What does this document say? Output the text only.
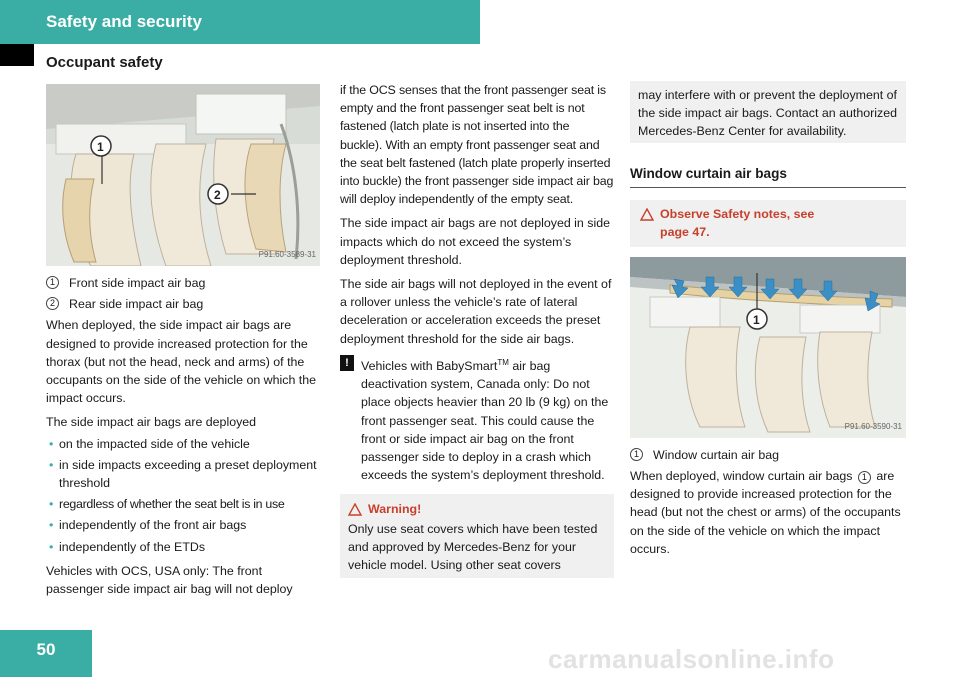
Safety and security
Occupant safety
1
2
P91.60-3589-31
1	Front side impact air bag
2	Rear side impact air bag

When deployed, the side impact air bags are designed to provide increased protection for the thorax (but not the head, neck and arms) of the occupants on the side of the vehicle on which the impact occurs.

The side impact air bags are deployed

• on the impacted side of the vehicle
• in side impacts exceeding a preset deployment threshold
• regardless of whether the seat belt is in use
• independently of the front air bags
• independently of the ETDs

Vehicles with OCS, USA only: The front passenger side impact air bag will not deploy

if the OCS senses that the front passenger seat is empty and the front passenger seat belt is not fastened (latch plate is not inserted into the buckle). With an empty front passenger seat and the seat belt fastened (latch plate properly inserted into buckle) the front passenger side impact air bag will deploy independently of the empty seat.

The side impact air bags are not deployed in side impacts which do not exceed the system’s deployment threshold.

The side air bags will not deployed in the event of a rollover unless the vehicle’s rate of lateral deceleration or acceleration exceeds the preset deployment threshold for the side air bags.

! Vehicles with BabySmart™ air bag deactivation system, Canada only: Do not place objects heavier than 20 lb (9 kg) on the front passenger seat. This could cause the front or side impact air bag on the front passenger side to deploy in a crash which exceeds the system’s deployment threshold.
Warning!
Only use seat covers which have been tested and approved by Mercedes-Benz for your vehicle model. Using other seat covers
may interfere with or prevent the deployment of the side impact air bags. Contact an authorized Mercedes-Benz Center for availability.
Window curtain air bags
Observe Safety notes, see
page 47.
1
P91.60-3590-31
1	Window curtain air bag

When deployed, window curtain air bags 1 are designed to provide increased protection for the head (but not the chest or arms) of the occupants on the side of the vehicle on which the impact occurs.

50	carmanualsonline.info
